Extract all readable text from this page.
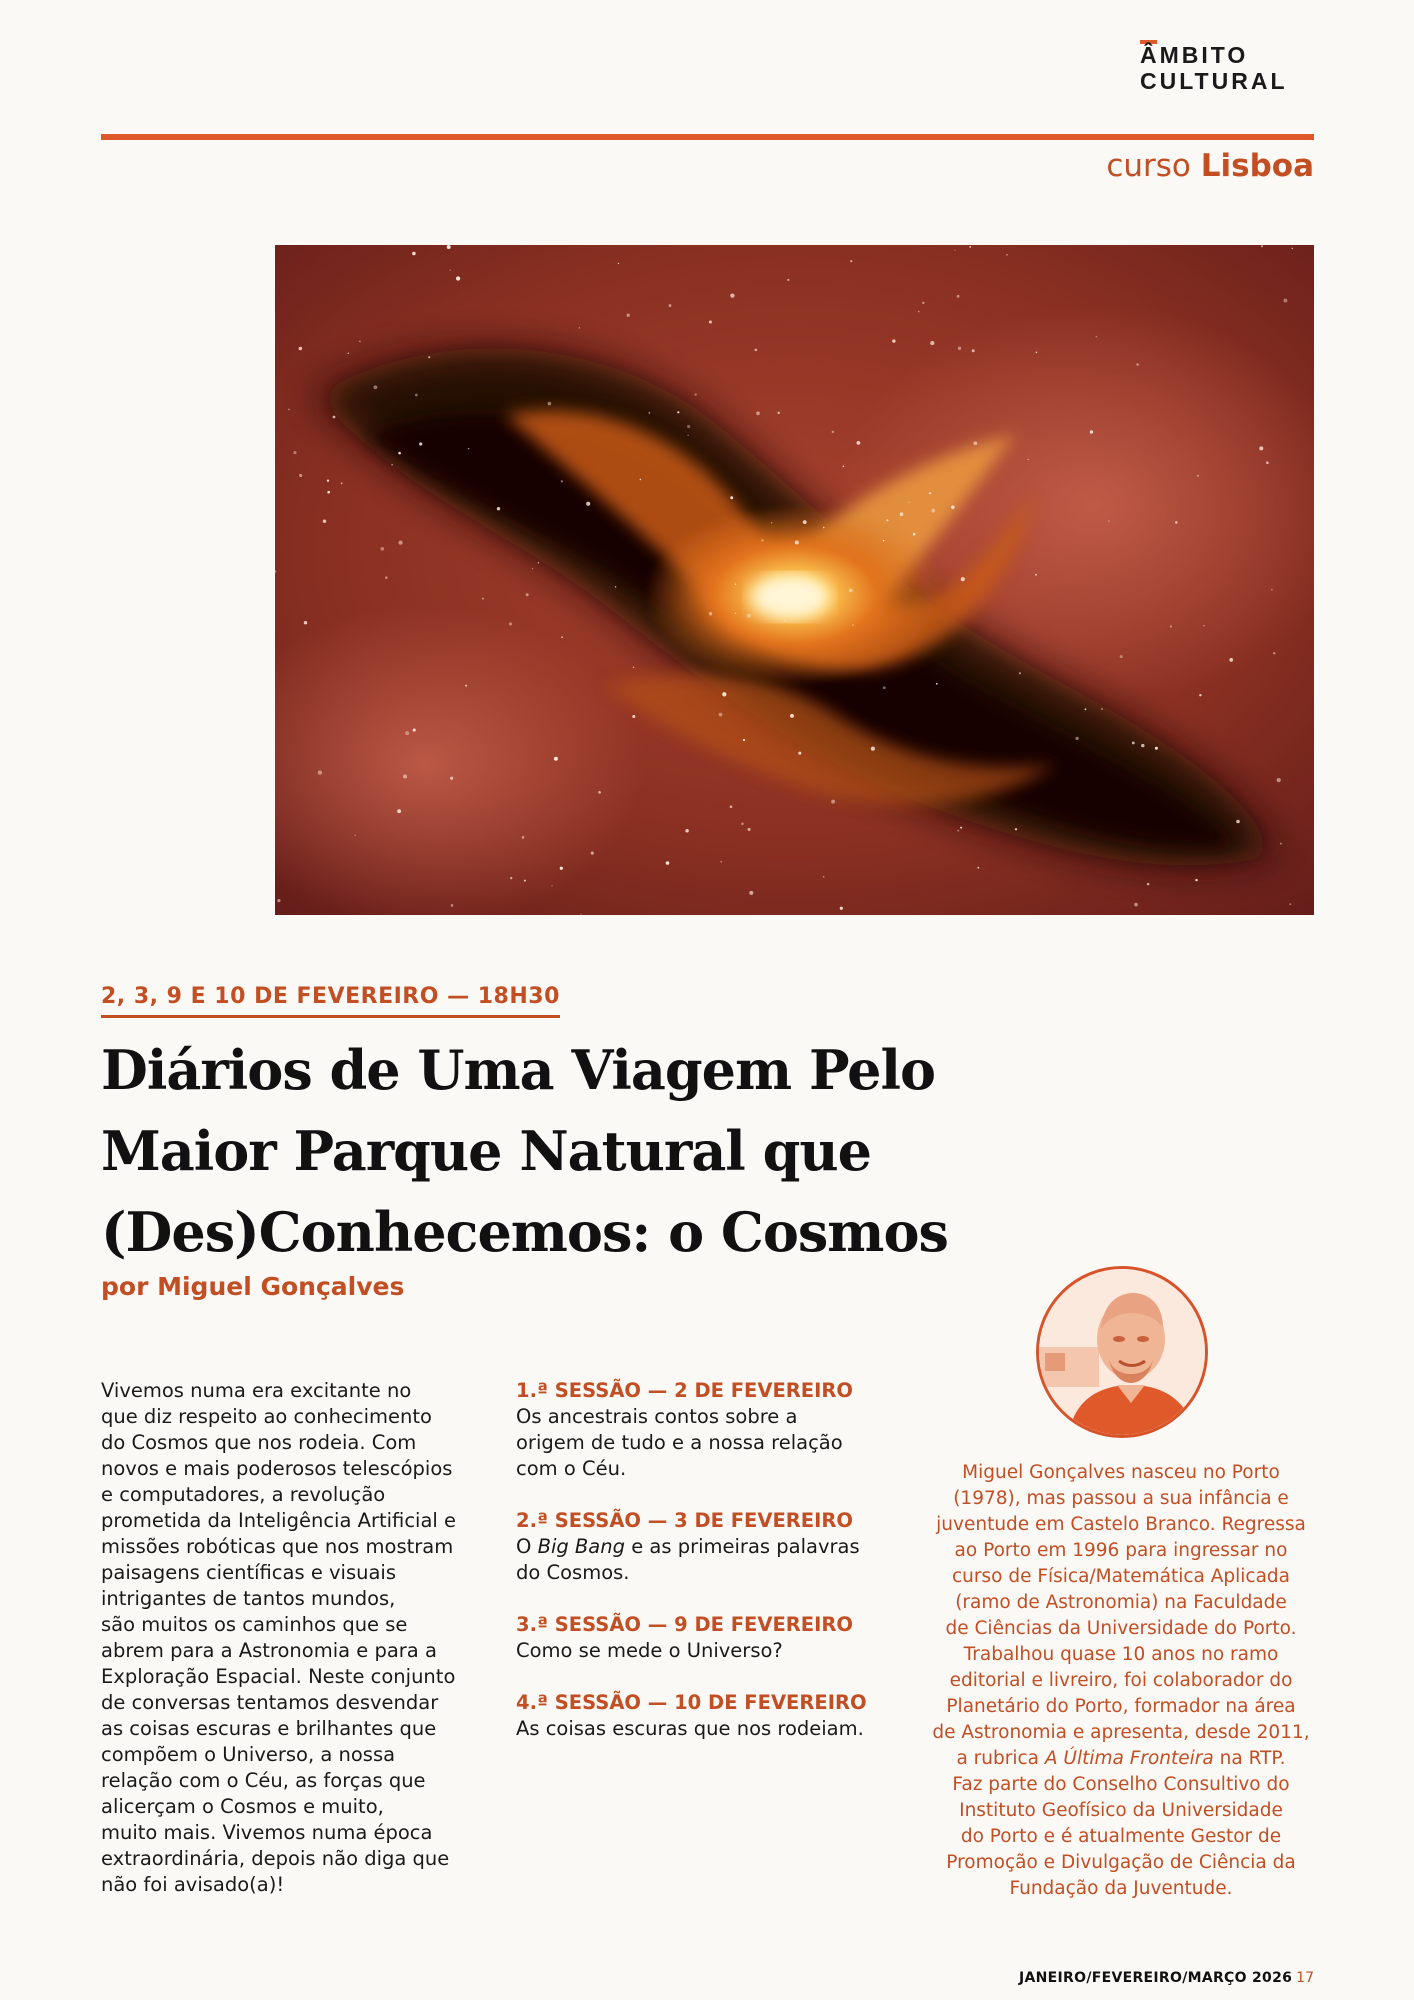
ÂMBITO
CULTURAL
curso Lisboa
2, 3, 9 E 10 DE FEVEREIRO — 18H30
Diários de Uma Viagem Pelo
Maior Parque Natural que
(Des)Conhecemos: o Cosmos
por Miguel Gonçalves
Vivemos numa era excitante no
que diz respeito ao conhecimento
do Cosmos que nos rodeia. Com
novos e mais poderosos telescópios
e computadores, a revolução
prometida da Inteligência Artificial e
missões robóticas que nos mostram
paisagens científicas e visuais
intrigantes de tantos mundos,
são muitos os caminhos que se
abrem para a Astronomia e para a
Exploração Espacial. Neste conjunto
de conversas tentamos desvendar
as coisas escuras e brilhantes que
compõem o Universo, a nossa
relação com o Céu, as forças que
alicerçam o Cosmos e muito,
muito mais. Vivemos numa época
extraordinária, depois não diga que
não foi avisado(a)!
1.ª SESSÃO — 2 DE FEVEREIRO
Os ancestrais contos sobre a
origem de tudo e a nossa relação
com o Céu.
2.ª SESSÃO — 3 DE FEVEREIRO
O Big Bang e as primeiras palavras
do Cosmos.
3.ª SESSÃO — 9 DE FEVEREIRO
Como se mede o Universo?
4.ª SESSÃO — 10 DE FEVEREIRO
As coisas escuras que nos rodeiam.
Miguel Gonçalves nasceu no Porto
(1978), mas passou a sua infância e
juventude em Castelo Branco. Regressa
ao Porto em 1996 para ingressar no
curso de Física/Matemática Aplicada
(ramo de Astronomia) na Faculdade
de Ciências da Universidade do Porto.
Trabalhou quase 10 anos no ramo
editorial e livreiro, foi colaborador do
Planetário do Porto, formador na área
de Astronomia e apresenta, desde 2011,
a rubrica A Última Fronteira na RTP.
Faz parte do Conselho Consultivo do
Instituto Geofísico da Universidade
do Porto e é atualmente Gestor de
Promoção e Divulgação de Ciência da
Fundação da Juventude.
JANEIRO/FEVEREIRO/MARÇO 2026 17
